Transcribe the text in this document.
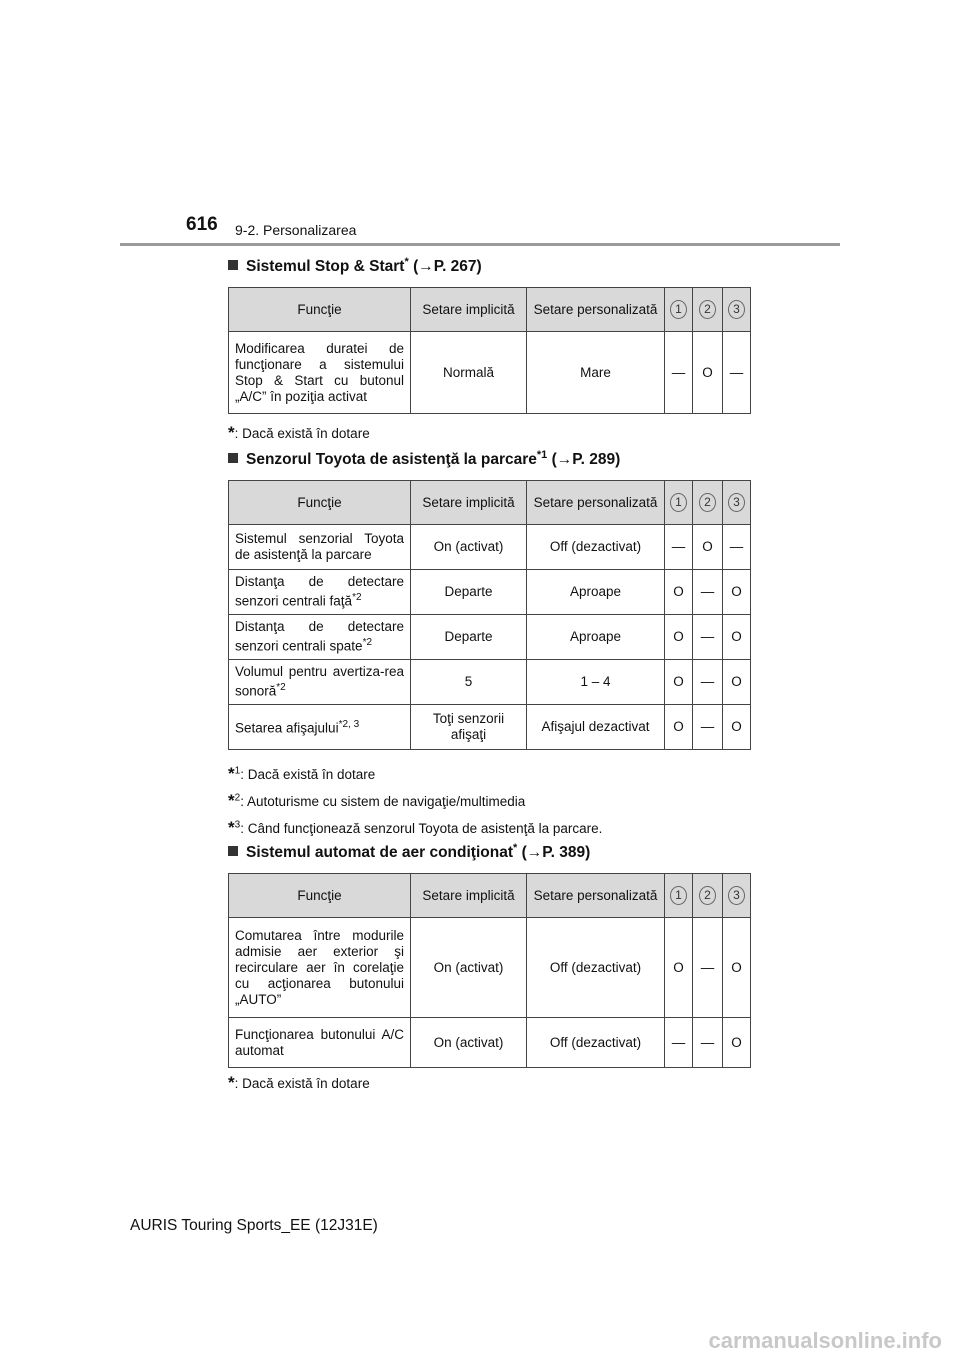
616 9-2. Personalizarea
Sistemul Stop & Start* (→P. 267)
Funcţie	Setare implicită	Setare personalizată	1	2	3
Modificarea duratei de funcţionare a sistemului Stop & Start cu butonul „A/C” în poziţia activat	Normală	Mare	—	O	—
*: Dacă există în dotare
Senzorul Toyota de asistenţă la parcare$^{*1}$ (→P. 289)
Funcţie	Setare implicită	Setare personalizată	1	2	3
Sistemul senzorial Toyota de asistenţă la parcare	On (activat)	Off (dezactivat)	—	O	—
Distanţa de detectare senzori centrali faţă$^{*2}$	Departe	Aproape	O	—	O
Distanţa de detectare senzori centrali spate$^{*2}$	Departe	Aproape	O	—	O
Volumul pentru avertiza-rea sonoră$^{*2}$	5	1 – 4	O	—	O
Setarea afişajului$^{*2, 3}$	Toţi senzorii afişaţi	Afişajul dezactivat	O	—	O
*$^1$: Dacă există în dotare
*$^2$: Autoturisme cu sistem de navigaţie/multimedia
*$^3$: Când funcţionează senzorul Toyota de asistenţă la parcare.
Sistemul automat de aer condiţionat* (→P. 389)
Funcţie	Setare implicită	Setare personalizată	1	2	3
Comutarea între modurile admisie aer exterior şi recirculare aer în corelaţie cu acţionarea butonului „AUTO”	On (activat)	Off (dezactivat)	O	—	O
Funcţionarea butonului A/C automat	On (activat)	Off (dezactivat)	—	—	O
*: Dacă există în dotare
AURIS Touring Sports_EE (12J31E)
carmanualsonline.info
